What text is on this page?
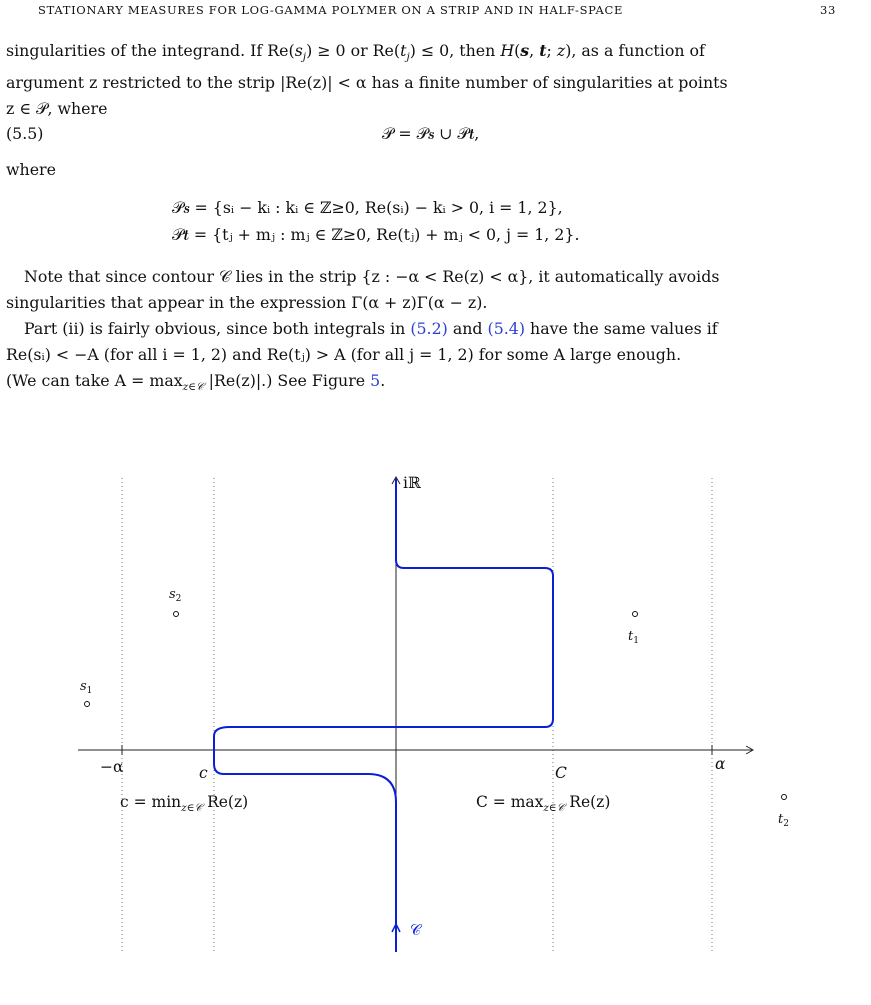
STATIONARY MEASURES FOR LOG-GAMMA POLYMER ON A STRIP AND IN HALF-SPACE	33
singularities of the integrand. If $Re(s_j) \ge 0$ or $Re(t_j) \le 0$, then H(s, t; z), as a function of
argument z restricted to the strip |Re(z)| < α has a finite number of singularities at points
z ∈ 𝒫, where
(5.5)	𝒫 = 𝒫𝒔 ∪ 𝒫𝒕,
where
𝒫𝒔 = {sᵢ − kᵢ : kᵢ ∈ ℤ≥0, Re(sᵢ) − kᵢ > 0, i = 1, 2},
𝒫𝒕 = {tⱼ + mⱼ : mⱼ ∈ ℤ≥0, Re(tⱼ) + mⱼ < 0, j = 1, 2}.
Note that since contour 𝒞 lies in the strip {z : −α < Re(z) < α}, it automatically avoids
singularities that appear in the expression Γ(α + z)Γ(α − z).
Part (ii) is fairly obvious, since both integrals in (5.2) and (5.4) have the same values if
Re(sᵢ) < −A (for all i = 1, 2) and Re(tⱼ) > A (for all j = 1, 2) for some A large enough.
(We can take $A = \max_{z\in 𝒞} |Re(z)|$.) See Figure 5.
iℝ
−α	α
c	C
$c = \min_{z\in 𝒞} Re(z)$	$C = \max_{z\in 𝒞} Re(z)$
$s_1$
$s_2$
$t_1$
$t_2$
𝒞
